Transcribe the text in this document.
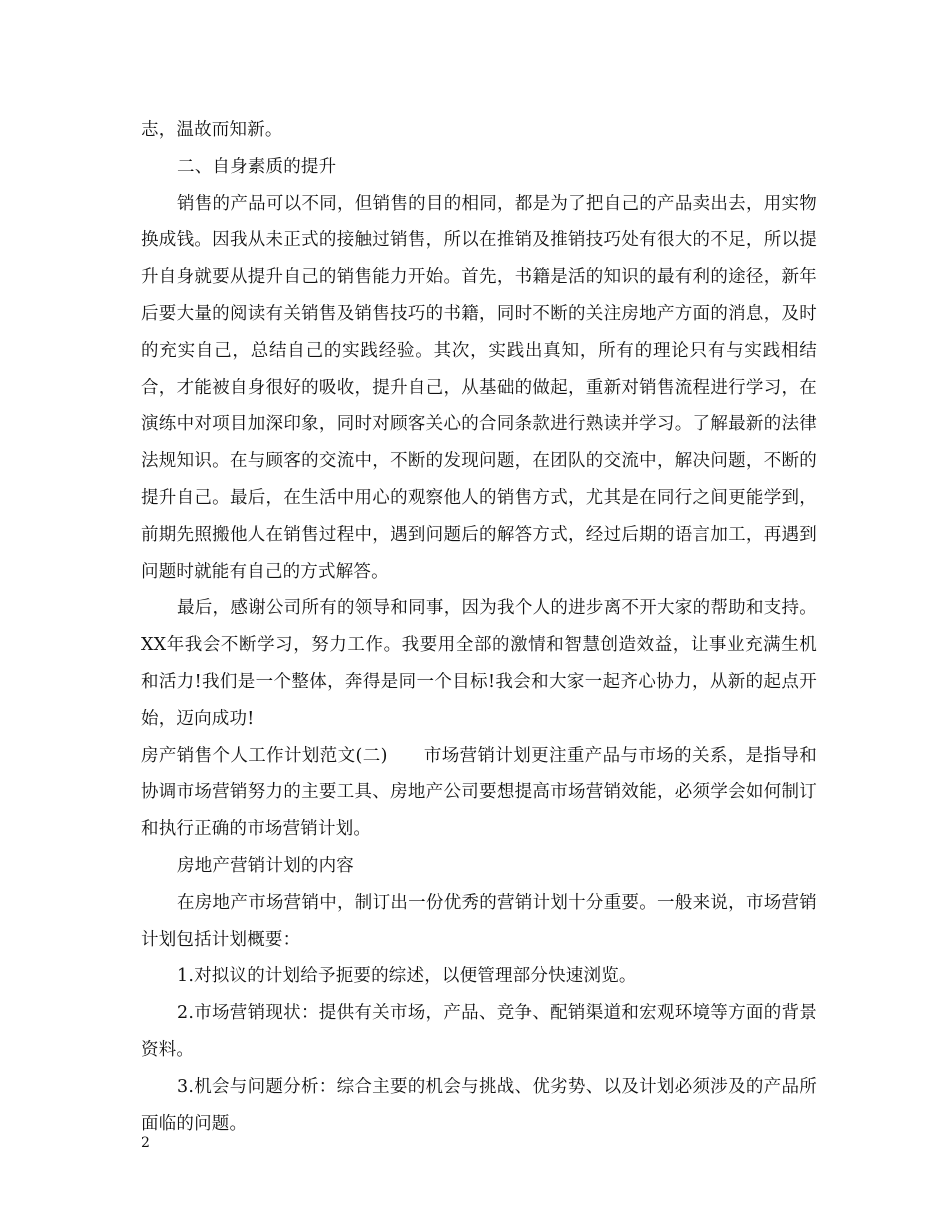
志，温故而知新。

二、自身素质的提升

销售的产品可以不同，但销售的目的相同，都是为了把自己的产品卖出去，用实物换成钱。因我从未正式的接触过销售，所以在推销及推销技巧处有很大的不足，所以提升自身就要从提升自己的销售能力开始。首先，书籍是活的知识的最有利的途径，新年后要大量的阅读有关销售及销售技巧的书籍，同时不断的关注房地产方面的消息，及时的充实自己，总结自己的实践经验。其次，实践出真知，所有的理论只有与实践相结合，才能被自身很好的吸收，提升自己，从基础的做起，重新对销售流程进行学习，在演练中对项目加深印象，同时对顾客关心的合同条款进行熟读并学习。了解最新的法律法规知识。在与顾客的交流中，不断的发现问题，在团队的交流中，解决问题，不断的提升自己。最后，在生活中用心的观察他人的销售方式，尤其是在同行之间更能学到，前期先照搬他人在销售过程中，遇到问题后的解答方式，经过后期的语言加工，再遇到问题时就能有自己的方式解答。

最后，感谢公司所有的领导和同事，因为我个人的进步离不开大家的帮助和支持。XX年我会不断学习，努力工作。我要用全部的激情和智慧创造效益，让事业充满生机和活力!我们是一个整体，奔得是同一个目标!我会和大家一起齐心协力，从新的起点开始，迈向成功!

房产销售个人工作计划范文(二) 市场营销计划更注重产品与市场的关系，是指导和协调市场营销努力的主要工具、房地产公司要想提高市场营销效能，必须学会如何制订和执行正确的市场营销计划。

房地产营销计划的内容

在房地产市场营销中，制订出一份优秀的营销计划十分重要。一般来说，市场营销计划包括计划概要：

1.对拟议的计划给予扼要的综述，以便管理部分快速浏览。

2.市场营销现状：提供有关市场，产品、竞争、配销渠道和宏观环境等方面的背景资料。

3.机会与问题分析：综合主要的机会与挑战、优劣势、以及计划必须涉及的产品所面临的问题。

2
